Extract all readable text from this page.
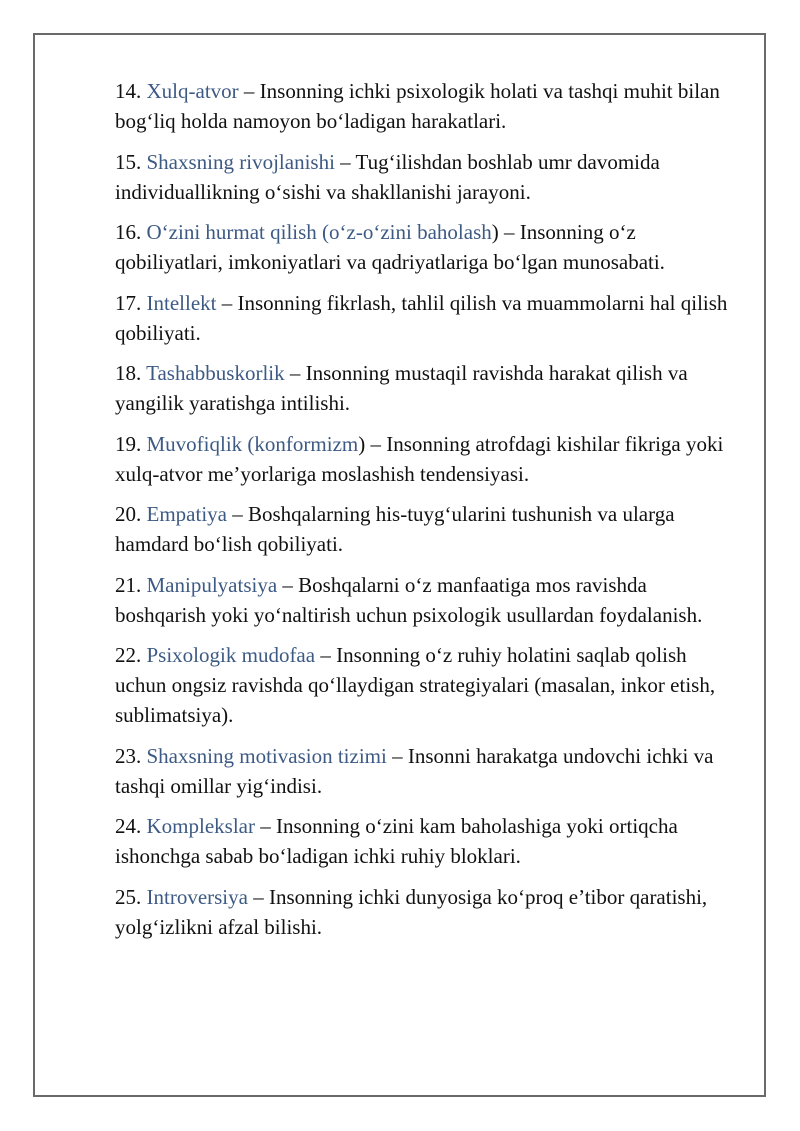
14. Xulq-atvor – Insonning ichki psixologik holati va tashqi muhit bilan bog‘liq holda namoyon bo‘ladigan harakatlari.

15. Shaxsning rivojlanishi – Tug‘ilishdan boshlab umr davomida individuallikning o‘sishi va shakllanishi jarayoni.

16. O‘zini hurmat qilish (o‘z-o‘zini baholash) – Insonning o‘z qobiliyatlari, imkoniyatlari va qadriyatlariga bo‘lgan munosabati.

17. Intellekt – Insonning fikrlash, tahlil qilish va muammolarni hal qilish qobiliyati.

18. Tashabbuskorlik – Insonning mustaqil ravishda harakat qilish va yangilik yaratishga intilishi.

19. Muvofiqlik (konformizm) – Insonning atrofdagi kishilar fikriga yoki xulq-atvor me’yorlariga moslashish tendensiyasi.

20. Empatiya – Boshqalarning his-tuyg‘ularini tushunish va ularga hamdard bo‘lish qobiliyati.

21. Manipulyatsiya – Boshqalarni o‘z manfaatiga mos ravishda boshqarish yoki yo‘naltirish uchun psixologik usullardan foydalanish.

22. Psixologik mudofaa – Insonning o‘z ruhiy holatini saqlab qolish uchun ongsiz ravishda qo‘llaydigan strategiyalari (masalan, inkor etish, sublimatsiya).

23. Shaxsning motivasion tizimi – Insonni harakatga undovchi ichki va tashqi omillar yig‘indisi.

24. Komplekslar – Insonning o‘zini kam baholashiga yoki ortiqcha ishonchga sabab bo‘ladigan ichki ruhiy bloklari.

25. Introversiya – Insonning ichki dunyosiga ko‘proq e’tibor qaratishi, yolg‘izlikni afzal bilishi.
